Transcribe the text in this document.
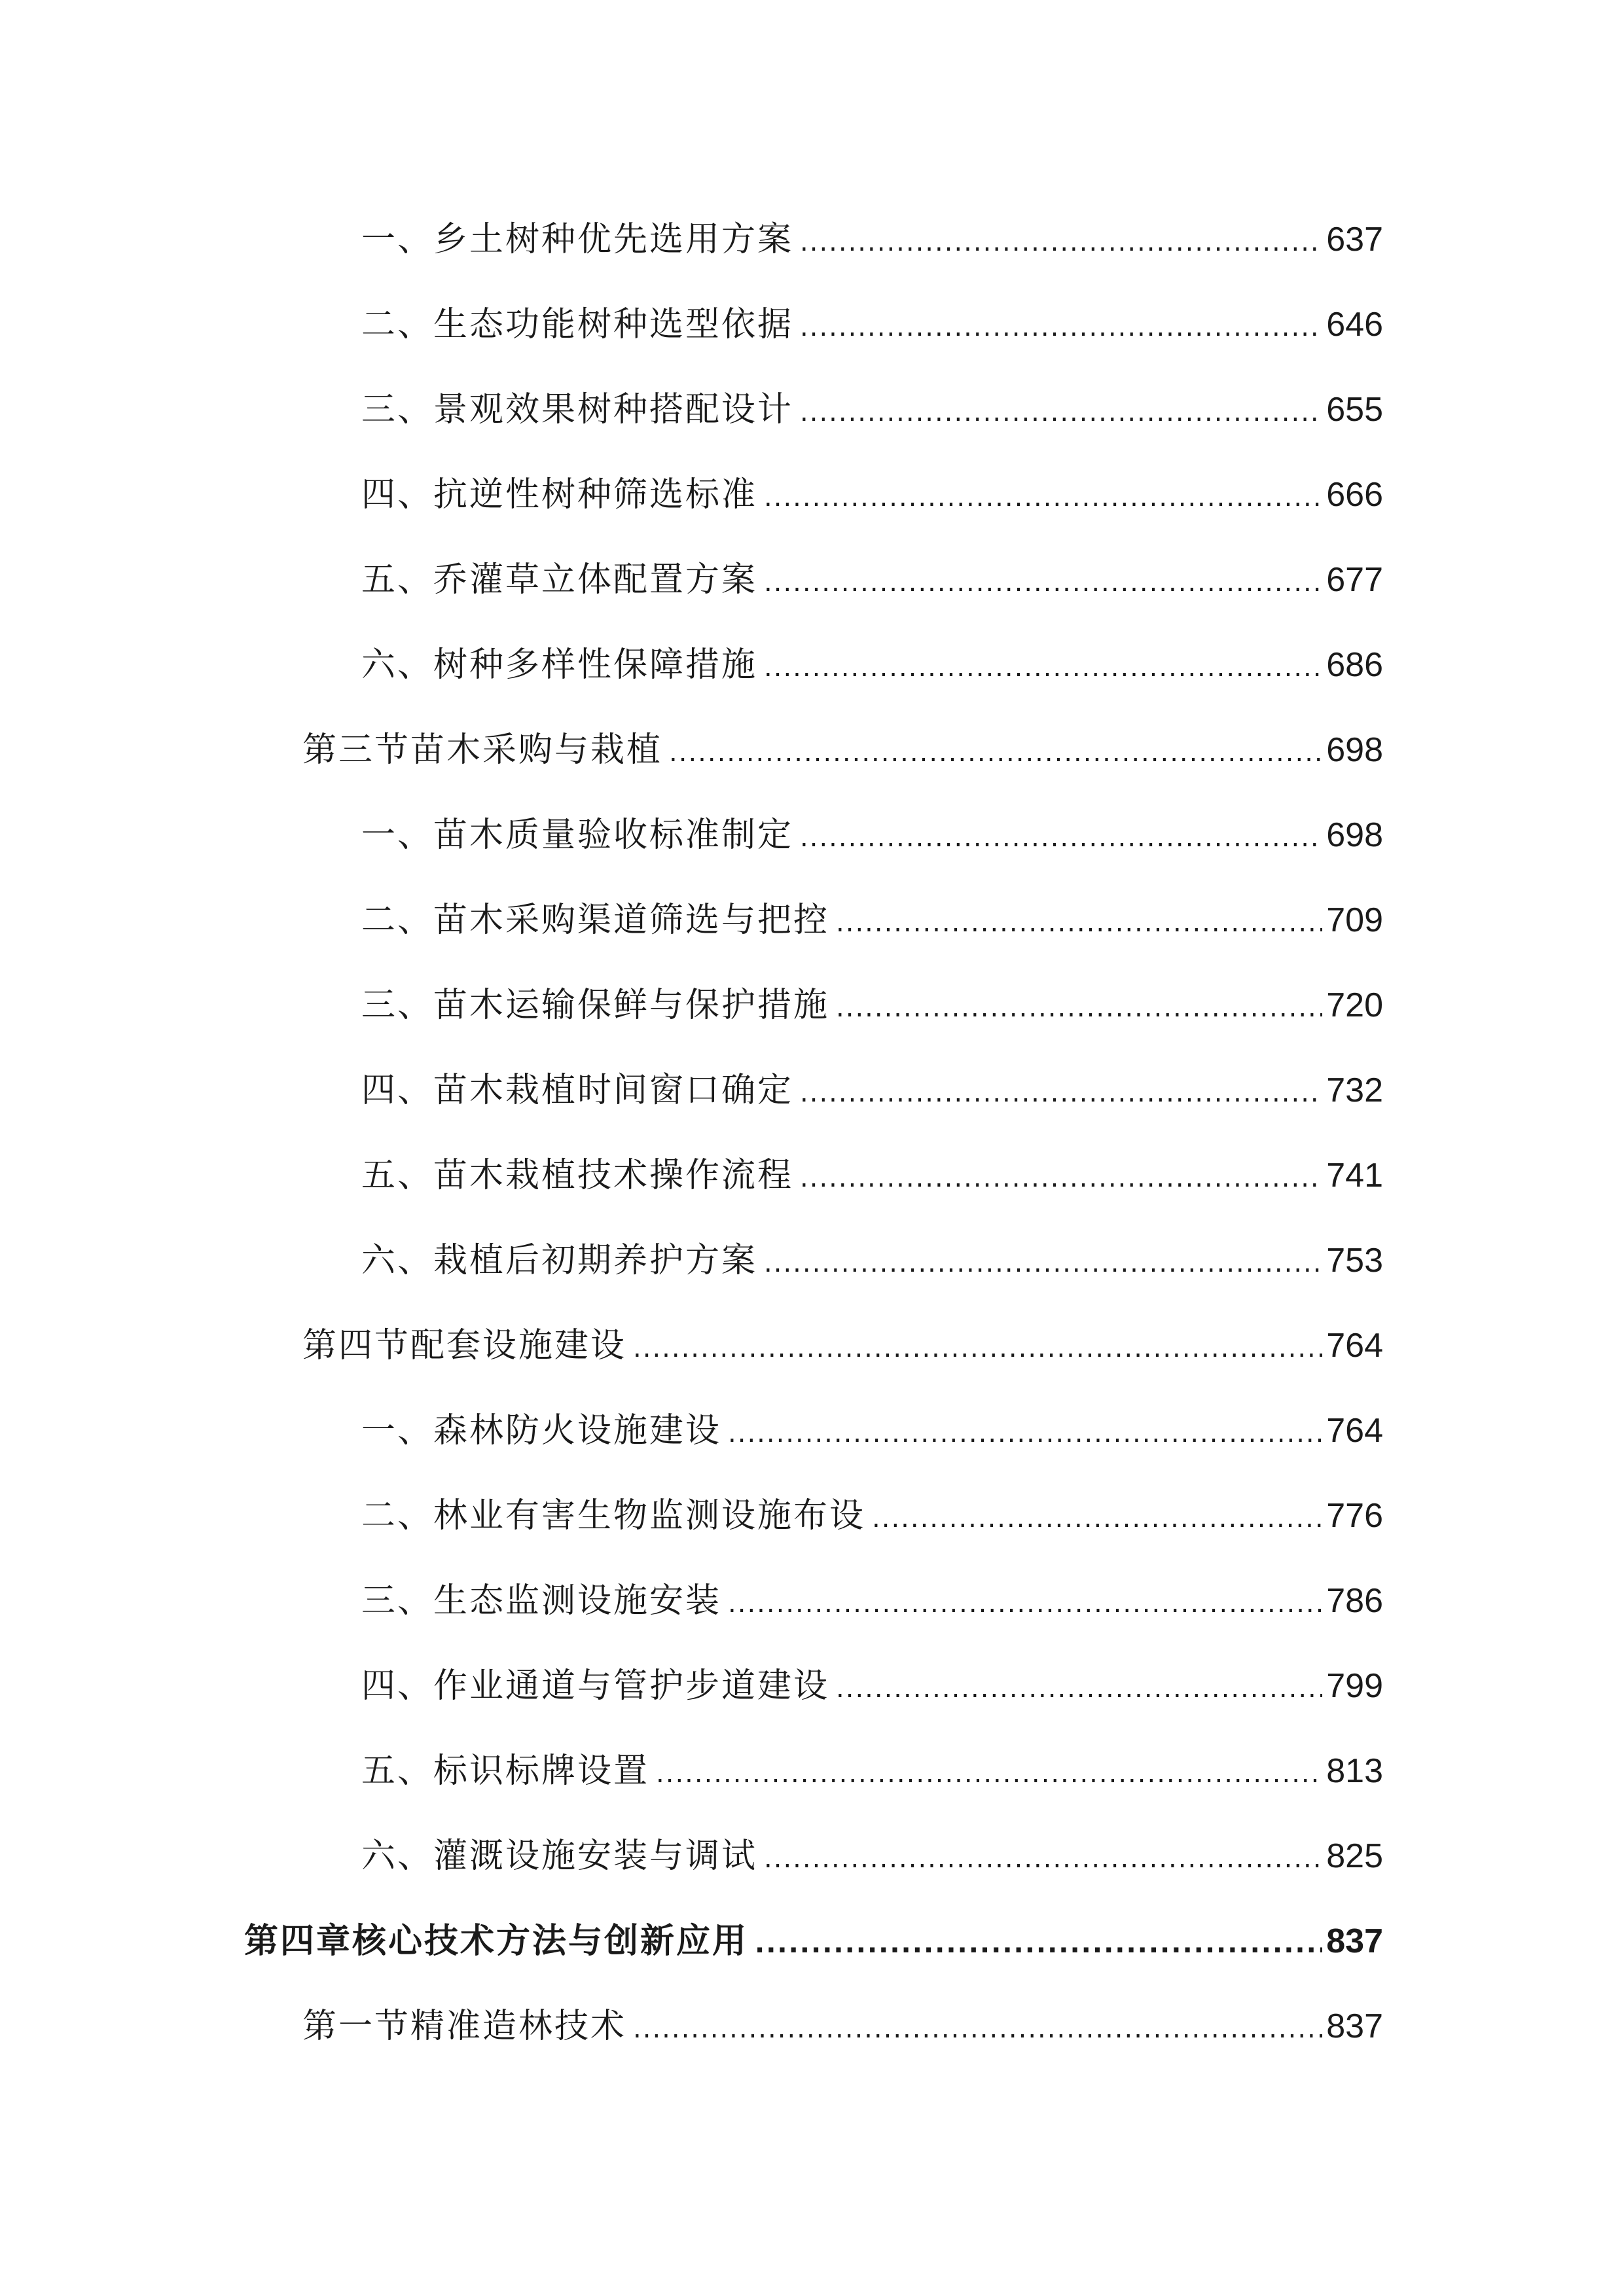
一、乡土树种优先选用方案 .....	637
二、生态功能树种选型依据 .....	646
三、景观效果树种搭配设计 .....	655
四、抗逆性树种筛选标准 .....	666
五、乔灌草立体配置方案 .....	677
六、树种多样性保障措施 .....	686
第三节苗木采购与栽植 .....	698
一、苗木质量验收标准制定 .....	698
二、苗木采购渠道筛选与把控 .....	709
三、苗木运输保鲜与保护措施 .....	720
四、苗木栽植时间窗口确定 .....	732
五、苗木栽植技术操作流程 .....	741
六、栽植后初期养护方案 .....	753
第四节配套设施建设 .....	764
一、森林防火设施建设 .....	764
二、林业有害生物监测设施布设 .....	776
三、生态监测设施安装 .....	786
四、作业通道与管护步道建设 .....	799
五、标识标牌设置 .....	813
六、灌溉设施安装与调试 .....	825
第四章核心技术方法与创新应用 .....	837
第一节精准造林技术 .....	837
